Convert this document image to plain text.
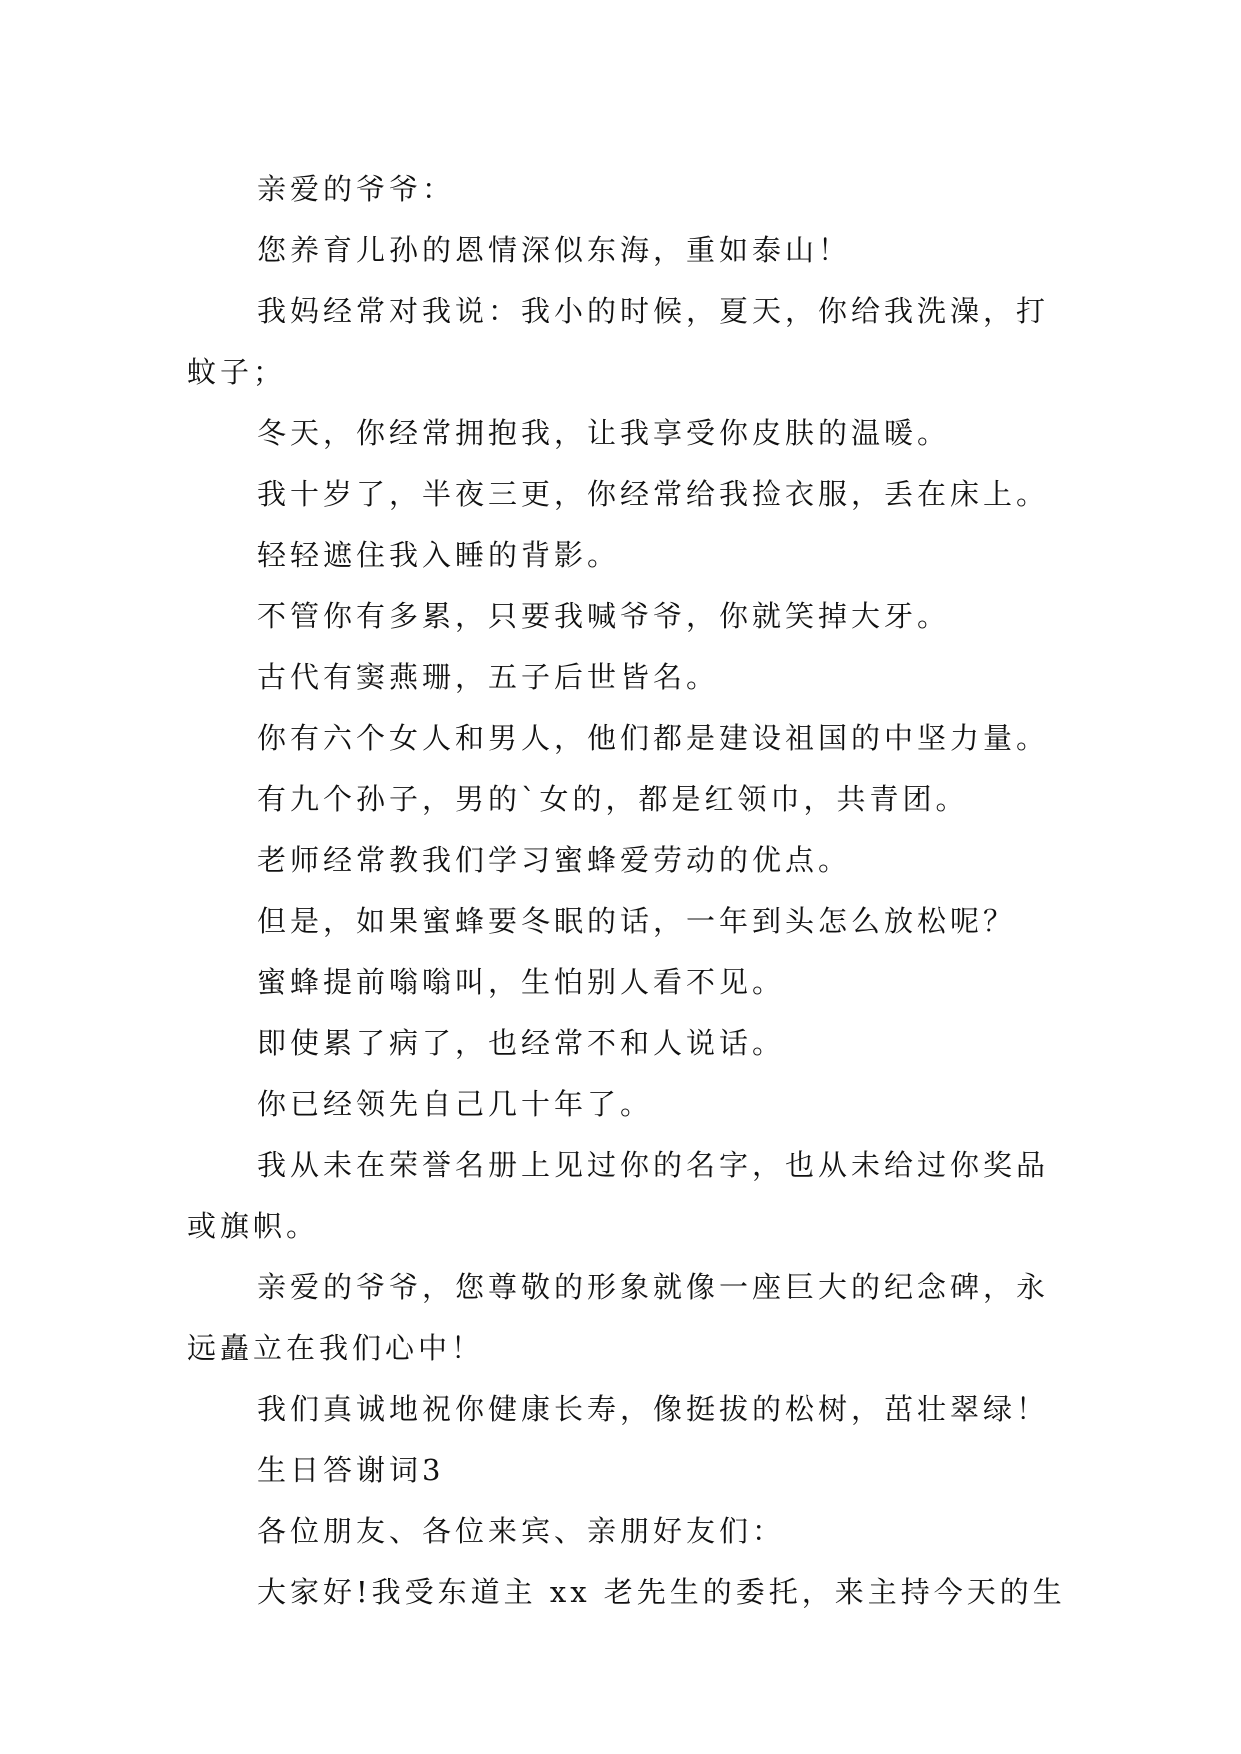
亲爱的爷爷：

您养育儿孙的恩情深似东海，重如泰山！

我妈经常对我说：我小的时候，夏天，你给我洗澡，打蚊子；

冬天，你经常拥抱我，让我享受你皮肤的温暖。

我十岁了，半夜三更，你经常给我捡衣服，丢在床上。

轻轻遮住我入睡的背影。

不管你有多累，只要我喊爷爷，你就笑掉大牙。

古代有窦燕珊，五子后世皆名。

你有六个女人和男人，他们都是建设祖国的中坚力量。

有九个孙子，男的`女的，都是红领巾，共青团。

老师经常教我们学习蜜蜂爱劳动的优点。

但是，如果蜜蜂要冬眠的话，一年到头怎么放松呢？

蜜蜂提前嗡嗡叫，生怕别人看不见。

即使累了病了，也经常不和人说话。

你已经领先自己几十年了。

我从未在荣誉名册上见过你的名字，也从未给过你奖品或旗帜。

亲爱的爷爷，您尊敬的形象就像一座巨大的纪念碑，永远矗立在我们心中！

我们真诚地祝你健康长寿，像挺拔的松树，茁壮翠绿！

生日答谢词3

各位朋友、各位来宾、亲朋好友们：

大家好!我受东道主 xx 老先生的委托，来主持今天的生
